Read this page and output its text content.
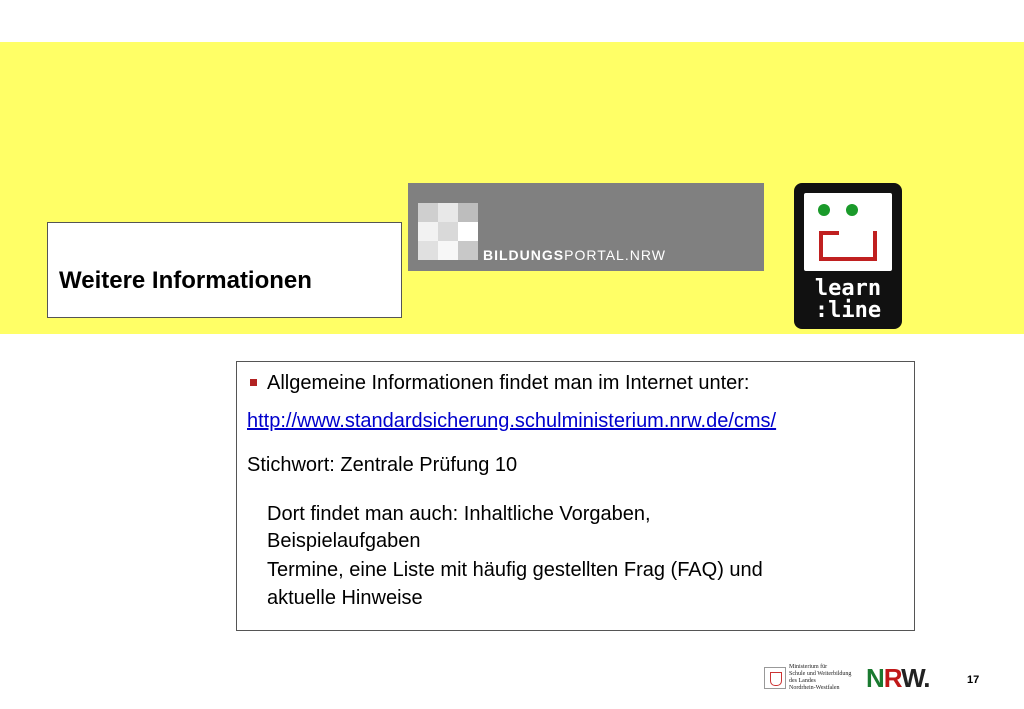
Weitere Informationen
BILDUNGSPORTAL.NRW
learn
:line
Allgemeine Informationen findet man im Internet unter:
http://www.standardsicherung.schulministerium.nrw.de/cms/
Stichwort: Zentrale Prüfung 10
Dort findet man auch: Inhaltliche Vorgaben,
Beispielaufgaben
Termine, eine Liste mit häufig gestellten Frag (FAQ) und
aktuelle Hinweise
Ministerium für
Schule und Weiterbildung
des Landes
Nordrhein-Westfalen	NRW.	17
